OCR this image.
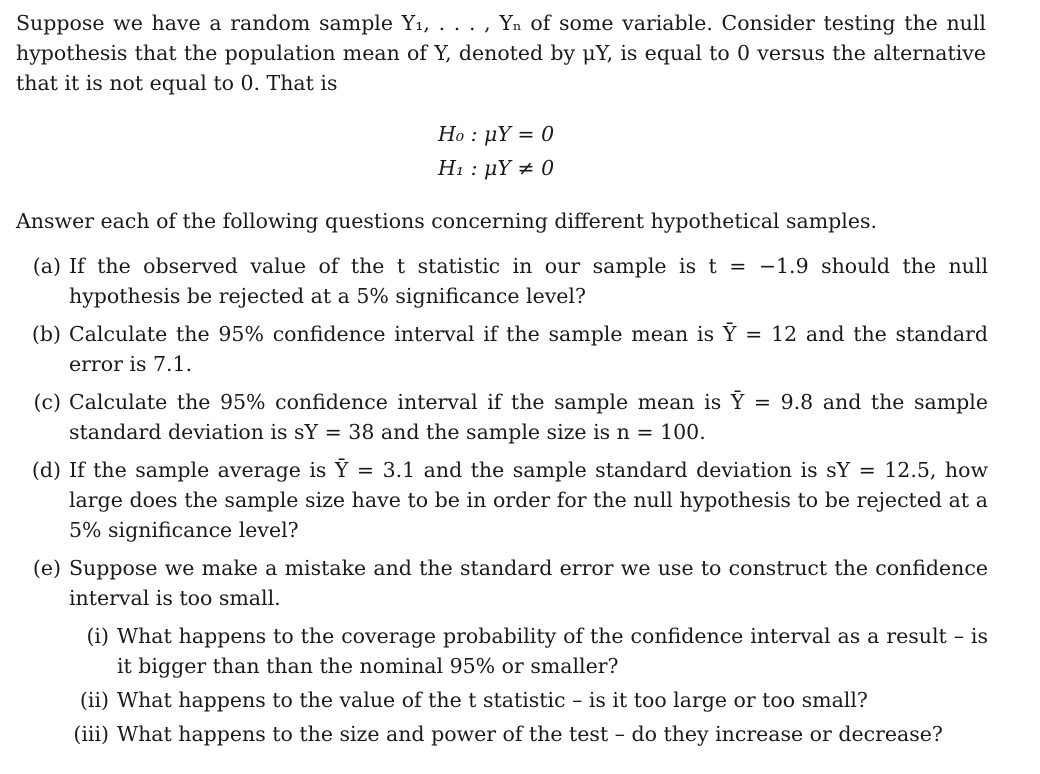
Suppose we have a random sample Y₁, . . . , Yₙ of some variable. Consider testing the null hypothesis that the population mean of Y, denoted by μY, is equal to 0 versus the alternative that it is not equal to 0. That is

H₀ : μY = 0
H₁ : μY ≠ 0

Answer each of the following questions concerning different hypothetical samples.

(a) If the observed value of the t statistic in our sample is t = −1.9 should the null hypothesis be rejected at a 5% significance level?
(b) Calculate the 95% confidence interval if the sample mean is Ȳ = 12 and the standard error is 7.1.
(c) Calculate the 95% confidence interval if the sample mean is Ȳ = 9.8 and the sample standard deviation is sY = 38 and the sample size is n = 100.
(d) If the sample average is Ȳ = 3.1 and the sample standard deviation is sY = 12.5, how large does the sample size have to be in order for the null hypothesis to be rejected at a 5% significance level?
(e) Suppose we make a mistake and the standard error we use to construct the confidence interval is too small.
(i) What happens to the coverage probability of the confidence interval as a result – is it bigger than than the nominal 95% or smaller?
(ii) What happens to the value of the t statistic – is it too large or too small?
(iii) What happens to the size and power of the test – do they increase or decrease?
